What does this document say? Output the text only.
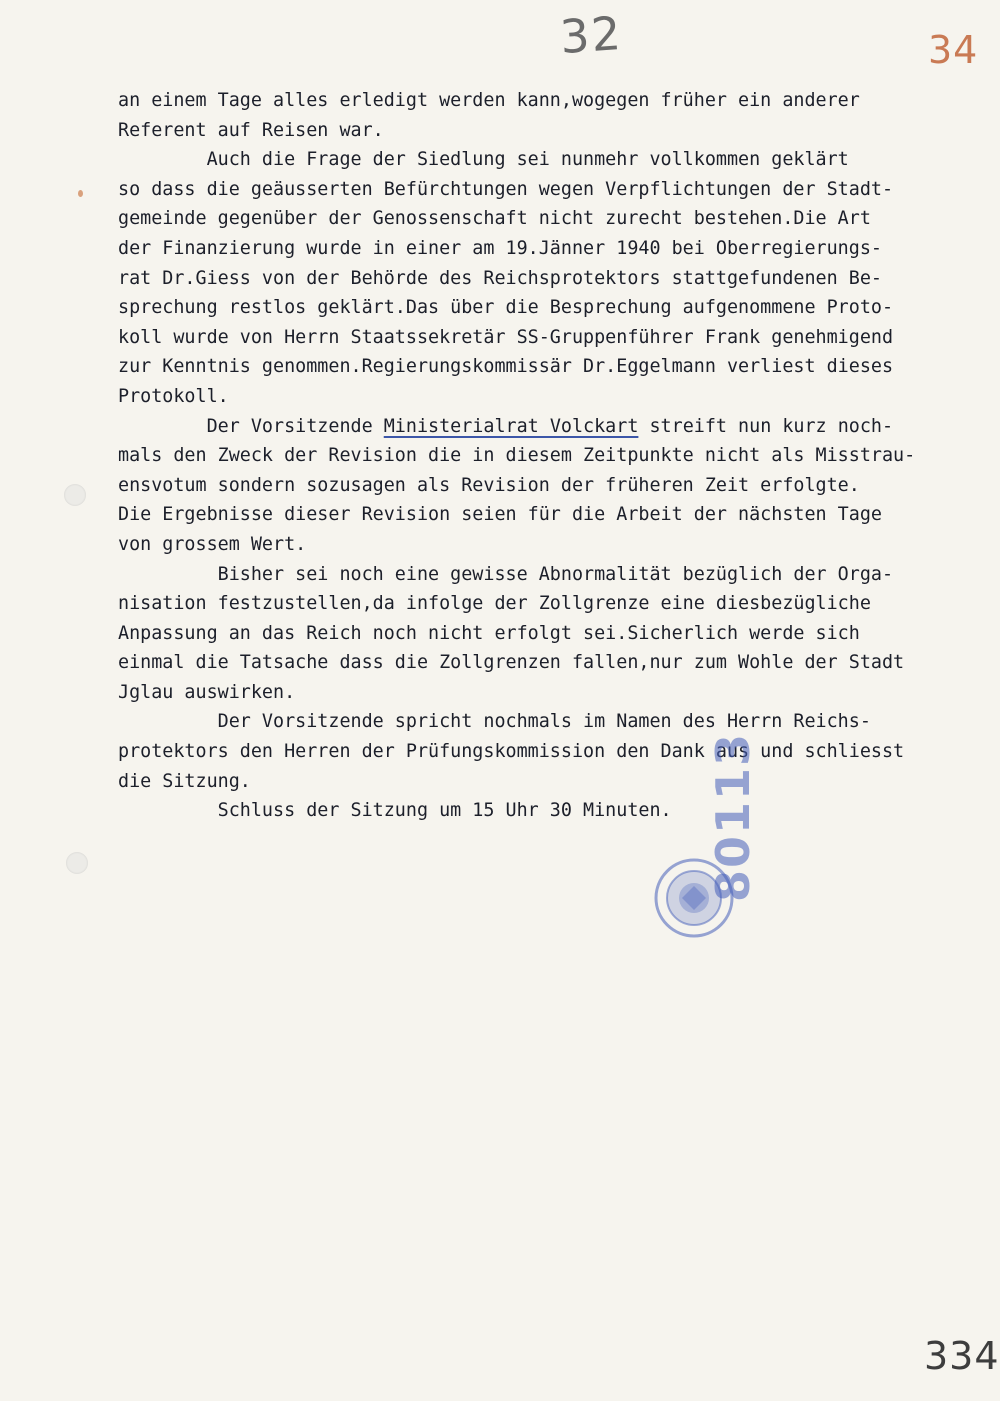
32	34
an einem Tage alles erledigt werden kann,wogegen früher ein anderer
Referent auf Reisen war.
Auch die Frage der Siedlung sei nunmehr vollkommen geklärt
so dass die geäusserten Befürchtungen wegen Verpflichtungen der Stadt-
gemeinde gegenüber der Genossenschaft nicht zurecht bestehen.Die Art
der Finanzierung wurde in einer am 19.Jänner 1940 bei Oberregierungs-
rat Dr.Giess von der Behörde des Reichsprotektors stattgefundenen Be-
sprechung restlos geklärt.Das über die Besprechung aufgenommene Proto-
koll wurde von Herrn Staatssekretär SS-Gruppenführer Frank genehmigend
zur Kenntnis genommen.Regierungskommissär Dr.Eggelmann verliest dieses
Protokoll.
Der Vorsitzende Ministerialrat Volckart streift nun kurz noch-
mals den Zweck der Revision die in diesem Zeitpunkte nicht als Misstrau-
ensvotum sondern sozusagen als Revision der früheren Zeit erfolgte.
Die Ergebnisse dieser Revision seien für die Arbeit der nächsten Tage
von grossem Wert.
Bisher sei noch eine gewisse Abnormalität bezüglich der Orga-
nisation festzustellen,da infolge der Zollgrenze eine diesbezügliche
Anpassung an das Reich noch nicht erfolgt sei.Sicherlich werde sich
einmal die Tatsache dass die Zollgrenzen fallen,nur zum Wohle der Stadt
Jglau auswirken.
Der Vorsitzende spricht nochmals im Namen des Herrn Reichs-
protektors den Herren der Prüfungskommission den Dank aus und schliesst
die Sitzung.
Schluss der Sitzung um 15 Uhr 30 Minuten. 80113
334
